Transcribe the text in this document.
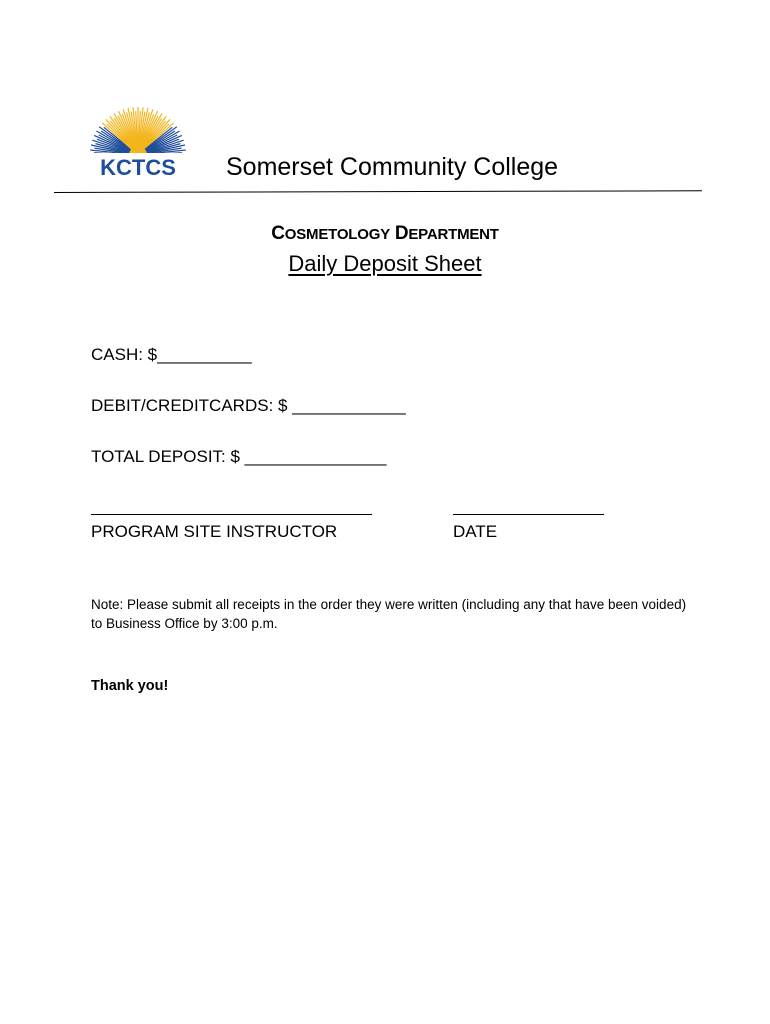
KCTCS Somerset Community College
COSMETOLOGY DEPARTMENT
Daily Deposit Sheet
CASH: $__________
DEBIT/CREDITCARDS: $ ____________
TOTAL DEPOSIT: $ _______________
PROGRAM SITE INSTRUCTOR	DATE
Note: Please submit all receipts in the order they were written (including any that have been voided) to Business Office by 3:00 p.m.
Thank you!
